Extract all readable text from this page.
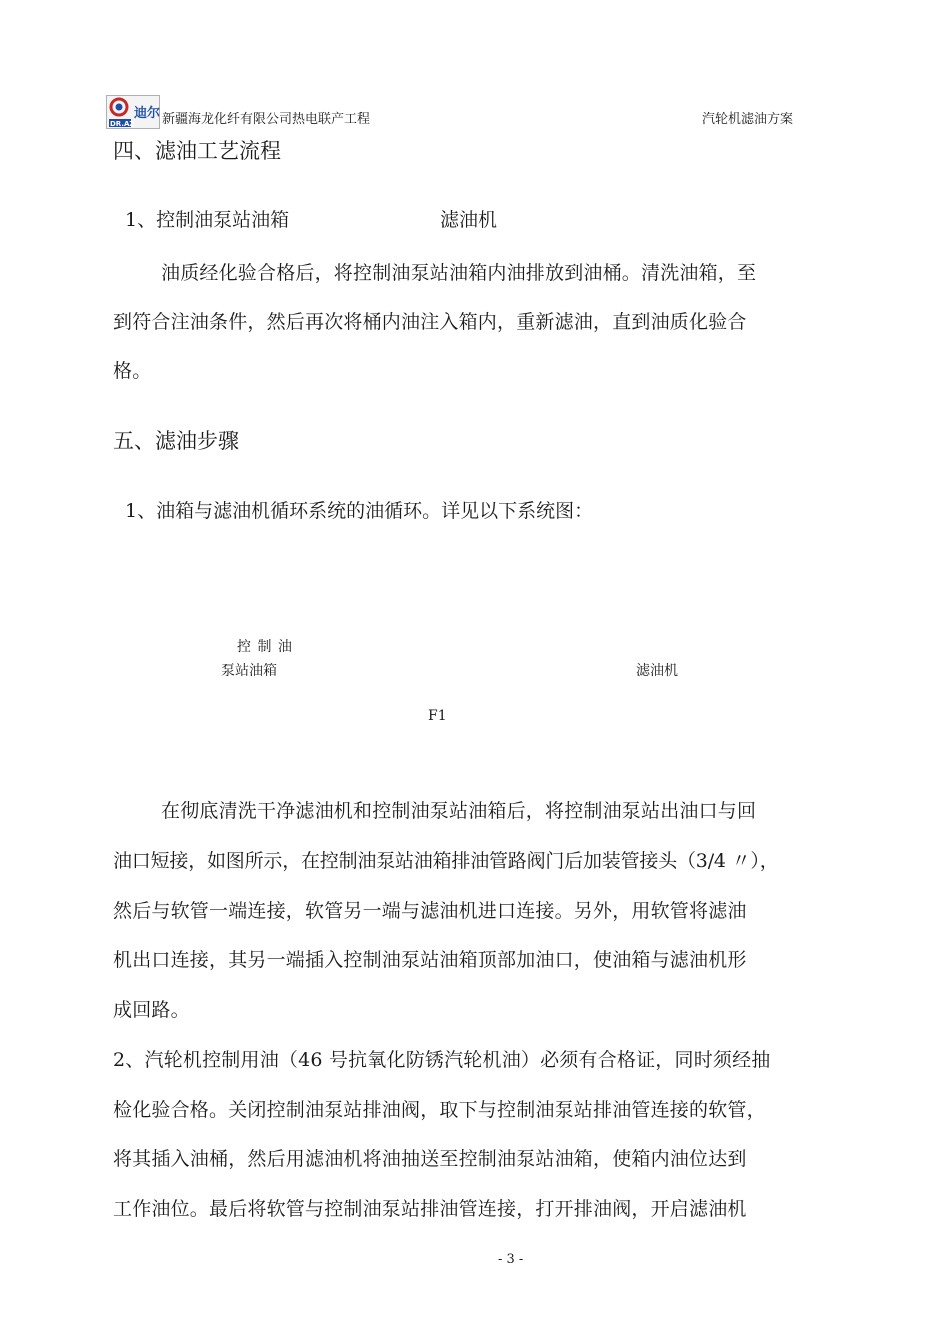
DR.AZ
迪尔 新疆海龙化纤有限公司热电联产工程	汽轮机滤油方案
四、滤油工艺流程
1、控制油泵站油箱	滤油机
油质经化验合格后，将控制油泵站油箱内油排放到油桶。清洗油箱，至
到符合注油条件，然后再次将桶内油注入箱内，重新滤油，直到油质化验合
格。
五、滤油步骤
1、油箱与滤油机循环系统的油循环。详见以下系统图：
控 制 油
泵站油箱	滤油机
F1
在彻底清洗干净滤油机和控制油泵站油箱后，将控制油泵站出油口与回
油口短接，如图所示，在控制油泵站油箱排油管路阀门后加装管接头（3/4 〃），
然后与软管一端连接，软管另一端与滤油机进口连接。另外，用软管将滤油
机出口连接，其另一端插入控制油泵站油箱顶部加油口，使油箱与滤油机形
成回路。
2、汽轮机控制用油（46 号抗氧化防锈汽轮机油）必须有合格证，同时须经抽
检化验合格。关闭控制油泵站排油阀，取下与控制油泵站排油管连接的软管，
将其插入油桶，然后用滤油机将油抽送至控制油泵站油箱，使箱内油位达到
工作油位。最后将软管与控制油泵站排油管连接，打开排油阀，开启滤油机
- 3 -
